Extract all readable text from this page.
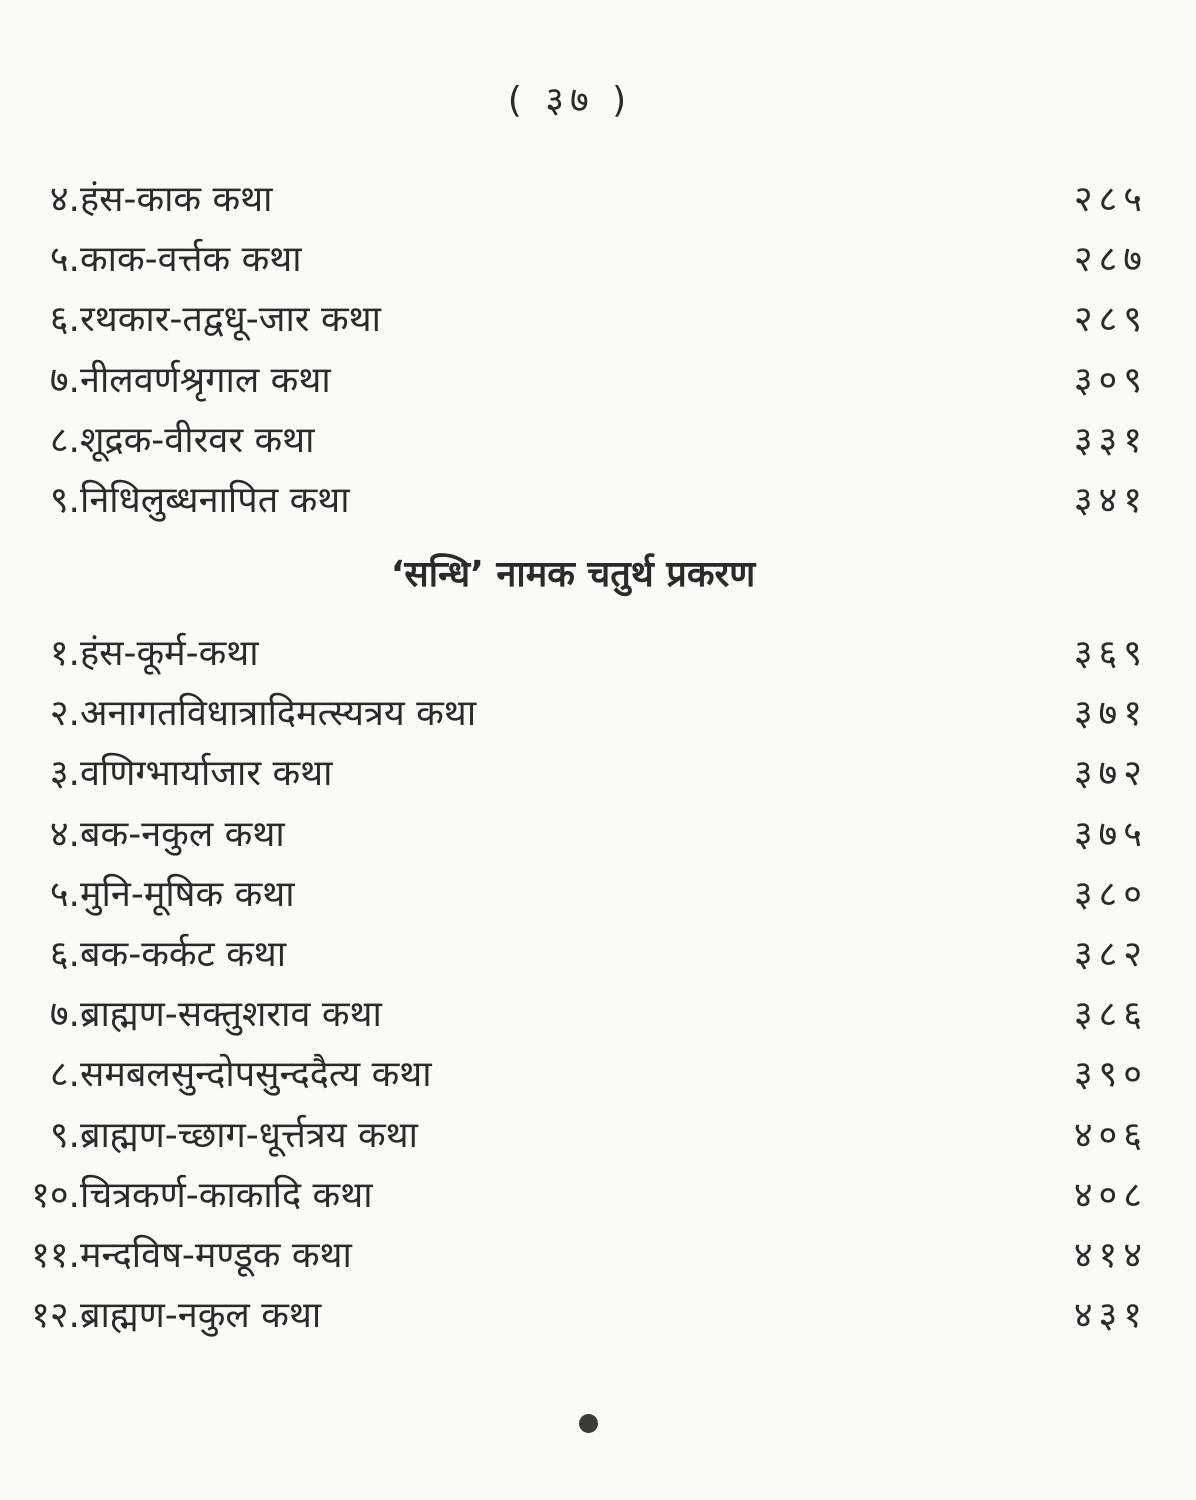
( ३७ )
४. हंस-काक कथा	२८५
५. काक-वर्त्तक कथा	२८७
६. रथकार-तद्वधू-जार कथा	२८९
७. नीलवर्णश्रृगाल कथा	३०९
८. शूद्रक-वीरवर कथा	३३१
९. निधिलुब्धनापित कथा	३४१
‘सन्धि’ नामक चतुर्थ प्रकरण
१. हंस-कूर्म-कथा	३६९
२. अनागतविधात्रादिमत्स्यत्रय कथा	३७१
३. वणिग्भार्याजार कथा	३७२
४. बक-नकुल कथा	३७५
५. मुनि-मूषिक कथा	३८०
६. बक-कर्कट कथा	३८२
७. ब्राह्मण-सक्तुशराव कथा	३८६
८. समबलसुन्दोपसुन्ददैत्य कथा	३९०
९. ब्राह्मण-च्छाग-धूर्त्तत्रय कथा	४०६
१०. चित्रकर्ण-काकादि कथा	४०८
११. मन्दविष-मण्डूक कथा	४१४
१२. ब्राह्मण-नकुल कथा	४३१
